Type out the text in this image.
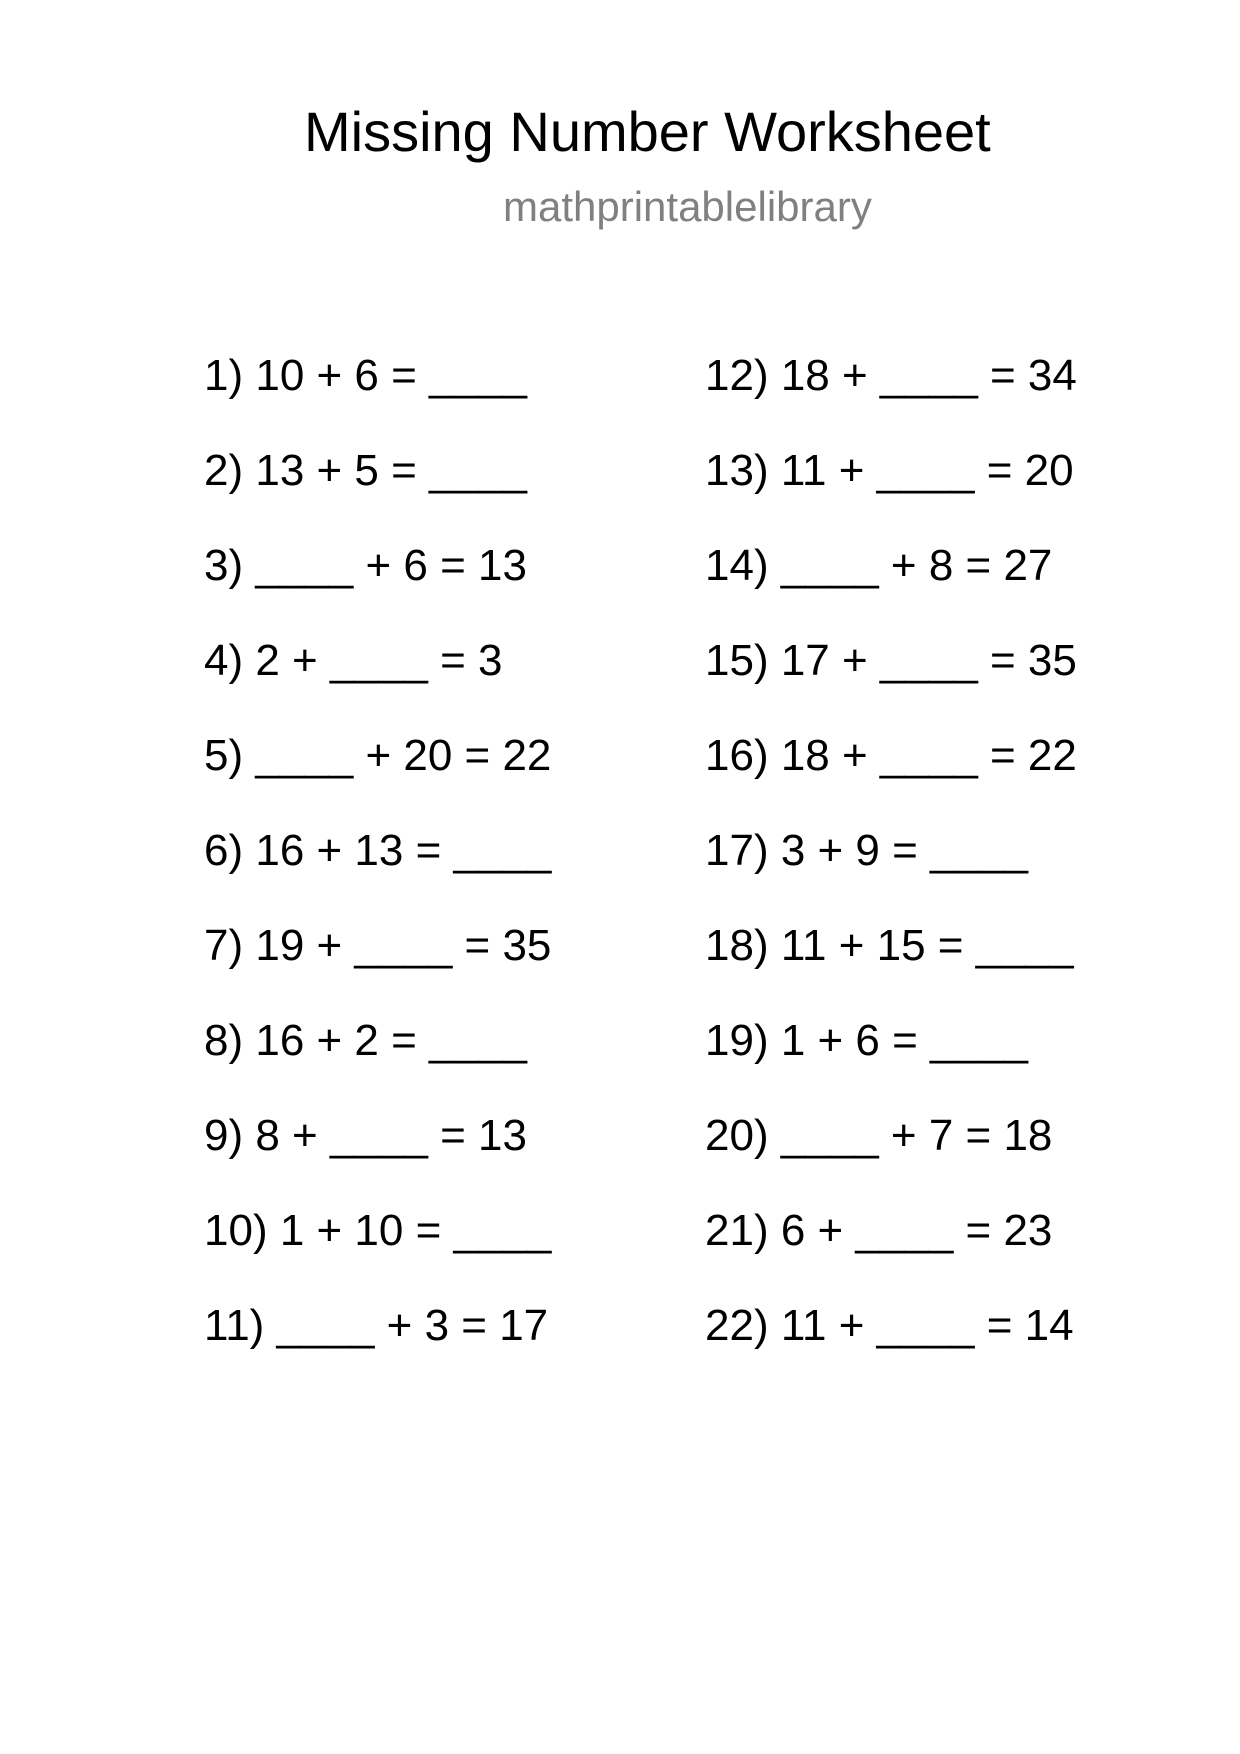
Missing Number Worksheet
mathprintablelibrary
1) 10 + 6 = ____
2) 13 + 5 = ____
3) ____ + 6 = 13
4) 2 + ____ = 3
5) ____ + 20 = 22
6) 16 + 13 = ____
7) 19 + ____ = 35
8) 16 + 2 = ____
9) 8 + ____ = 13
10) 1 + 10 = ____
11) ____ + 3 = 17
12) 18 + ____ = 34
13) 11 + ____ = 20
14) ____ + 8 = 27
15) 17 + ____ = 35
16) 18 + ____ = 22
17) 3 + 9 = ____
18) 11 + 15 = ____
19) 1 + 6 = ____
20) ____ + 7 = 18
21) 6 + ____ = 23
22) 11 + ____ = 14
